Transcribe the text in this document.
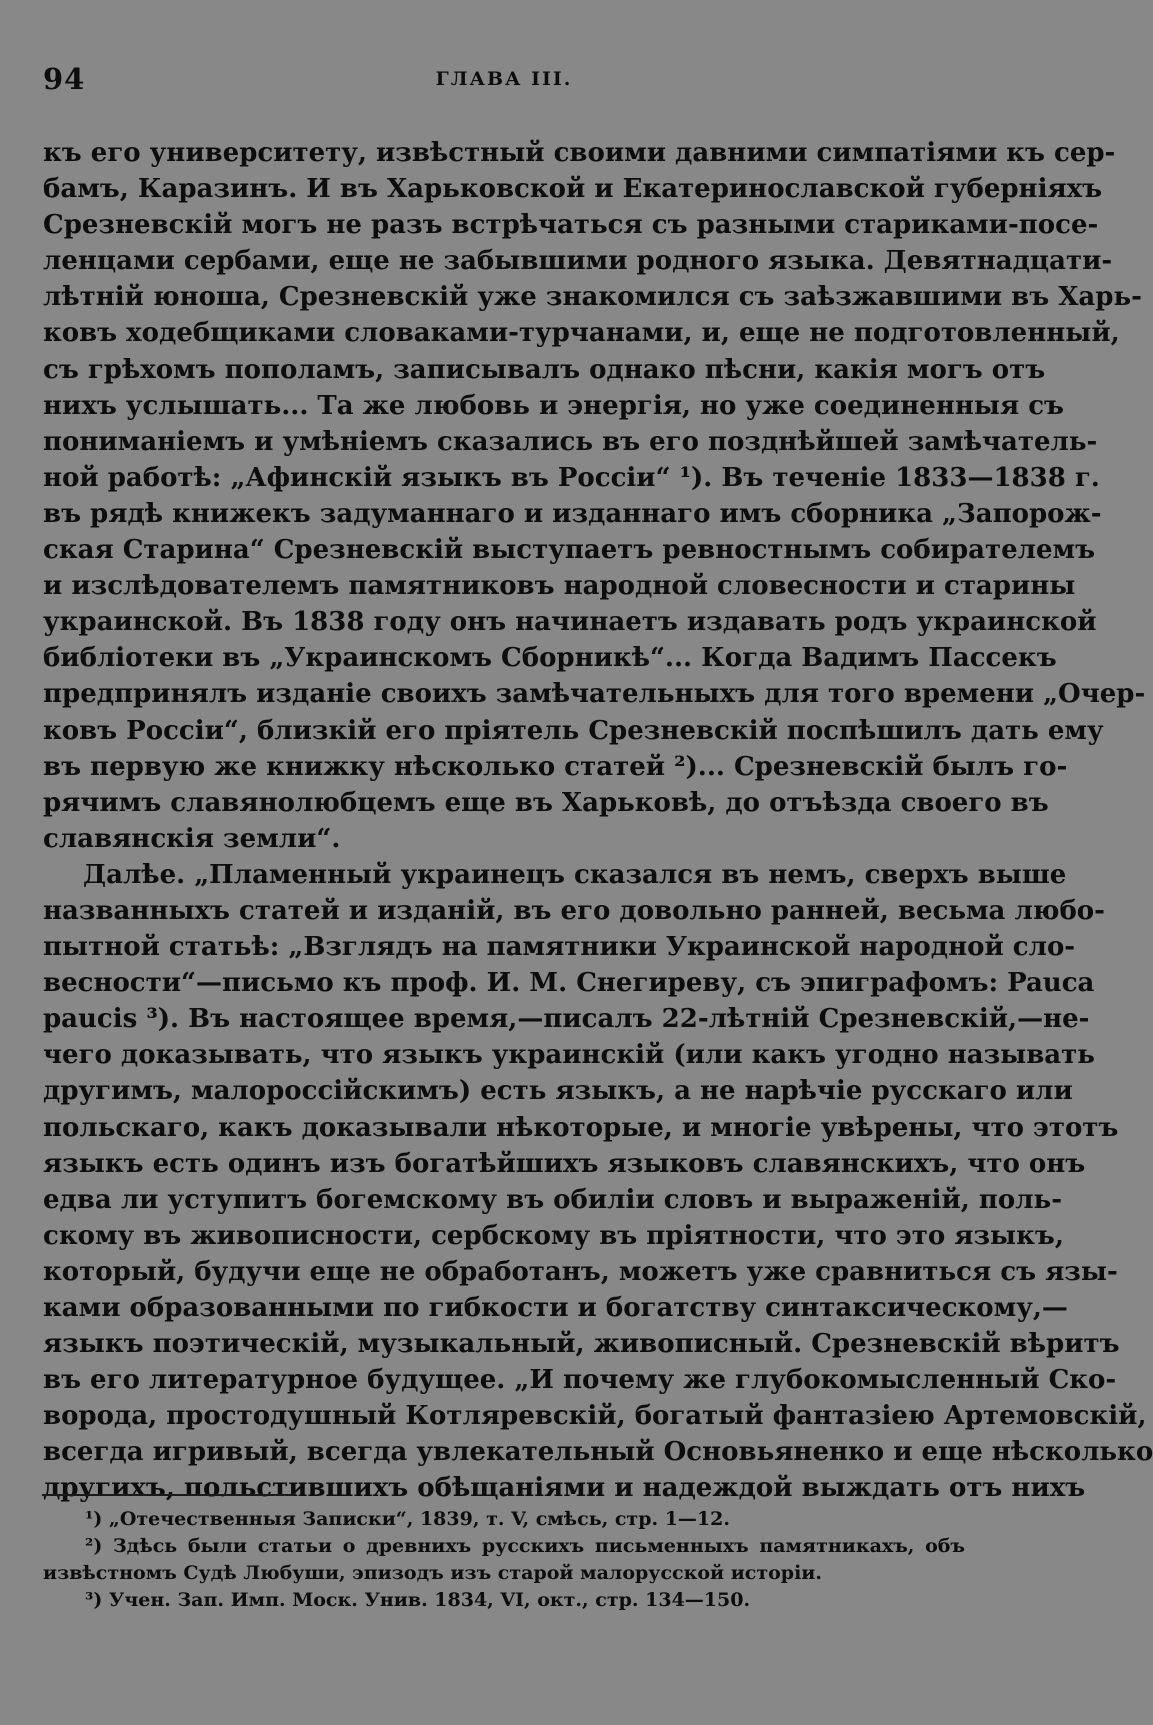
94	ГЛАВА III.
къ его университету, извѣстный своими давними симпатіями къ сер-
бамъ, Каразинъ. И въ Харьковской и Екатеринославской губерніяхъ
Срезневскій могъ не разъ встрѣчаться съ разными стариками-посе-
ленцами сербами, еще не забывшими родного языка. Девятнадцати-
лѣтній юноша, Срезневскій уже знакомился съ заѣзжавшими въ Харь-
ковъ ходебщиками словаками-турчанами, и, еще не подготовленный,
съ грѣхомъ пополамъ, записывалъ однако пѣсни, какія могъ отъ
нихъ услышать... Та же любовь и энергія, но уже соединенныя съ
пониманіемъ и умѣніемъ сказались въ его позднѣйшей замѣчатель-
ной работѣ: „Афинскій языкъ въ Россіи“ ¹). Въ теченіе 1833—1838 г.
въ рядѣ книжекъ задуманнаго и изданнаго имъ сборника „Запорож-
ская Старина“ Срезневскій выступаетъ ревностнымъ собирателемъ
и изслѣдователемъ памятниковъ народной словесности и старины
украинской. Въ 1838 году онъ начинаетъ издавать родъ украинской
библіотеки въ „Украинскомъ Сборникѣ“... Когда Вадимъ Пассекъ
предпринялъ изданіе своихъ замѣчательныхъ для того времени „Очер-
ковъ Россіи“, близкій его пріятель Срезневскій поспѣшилъ дать ему
въ первую же книжку нѣсколько статей ²)... Срезневскій былъ го-
рячимъ славянолюбцемъ еще въ Харьковѣ, до отъѣзда своего въ
славянскія земли“.
Далѣе. „Пламенный украинецъ сказался въ немъ, сверхъ выше
названныхъ статей и изданій, въ его довольно ранней, весьма любо-
пытной статьѣ: „Взглядъ на памятники Украинской народной сло-
весности“—письмо къ проф. И. М. Снегиреву, съ эпиграфомъ: Pauca
paucis ³). Въ настоящее время,—писалъ 22-лѣтній Срезневскій,—не-
чего доказывать, что языкъ украинскій (или какъ угодно называть
другимъ, малороссійскимъ) есть языкъ, а не нарѣчіе русскаго или
польскаго, какъ доказывали нѣкоторые, и многіе увѣрены, что этотъ
языкъ есть одинъ изъ богатѣйшихъ языковъ славянскихъ, что онъ
едва ли уступитъ богемскому въ обиліи словъ и выраженій, поль-
скому въ живописности, сербскому въ пріятности, что это языкъ,
который, будучи еще не обработанъ, можетъ уже сравниться съ язы-
ками образованными по гибкости и богатству синтаксическому,—
языкъ поэтическій, музыкальный, живописный. Срезневскій вѣритъ
въ его литературное будущее. „И почему же глубокомысленный Ско-
ворода, простодушный Котляревскій, богатый фантазіею Артемовскій,
всегда игривый, всегда увлекательный Основьяненко и еще нѣсколько
другихъ, польстившихъ обѣщаніями и надеждой выждать отъ нихъ
¹) „Отечественныя Записки“, 1839, т. V, смѣсь, стр. 1—12.
²) Здѣсь были статьи о древнихъ русскихъ письменныхъ памятникахъ, объ
извѣстномъ Судѣ Любуши, эпизодъ изъ старой малорусской исторіи.
³) Учен. Зап. Имп. Моск. Унив. 1834, VI, окт., стр. 134—150.
